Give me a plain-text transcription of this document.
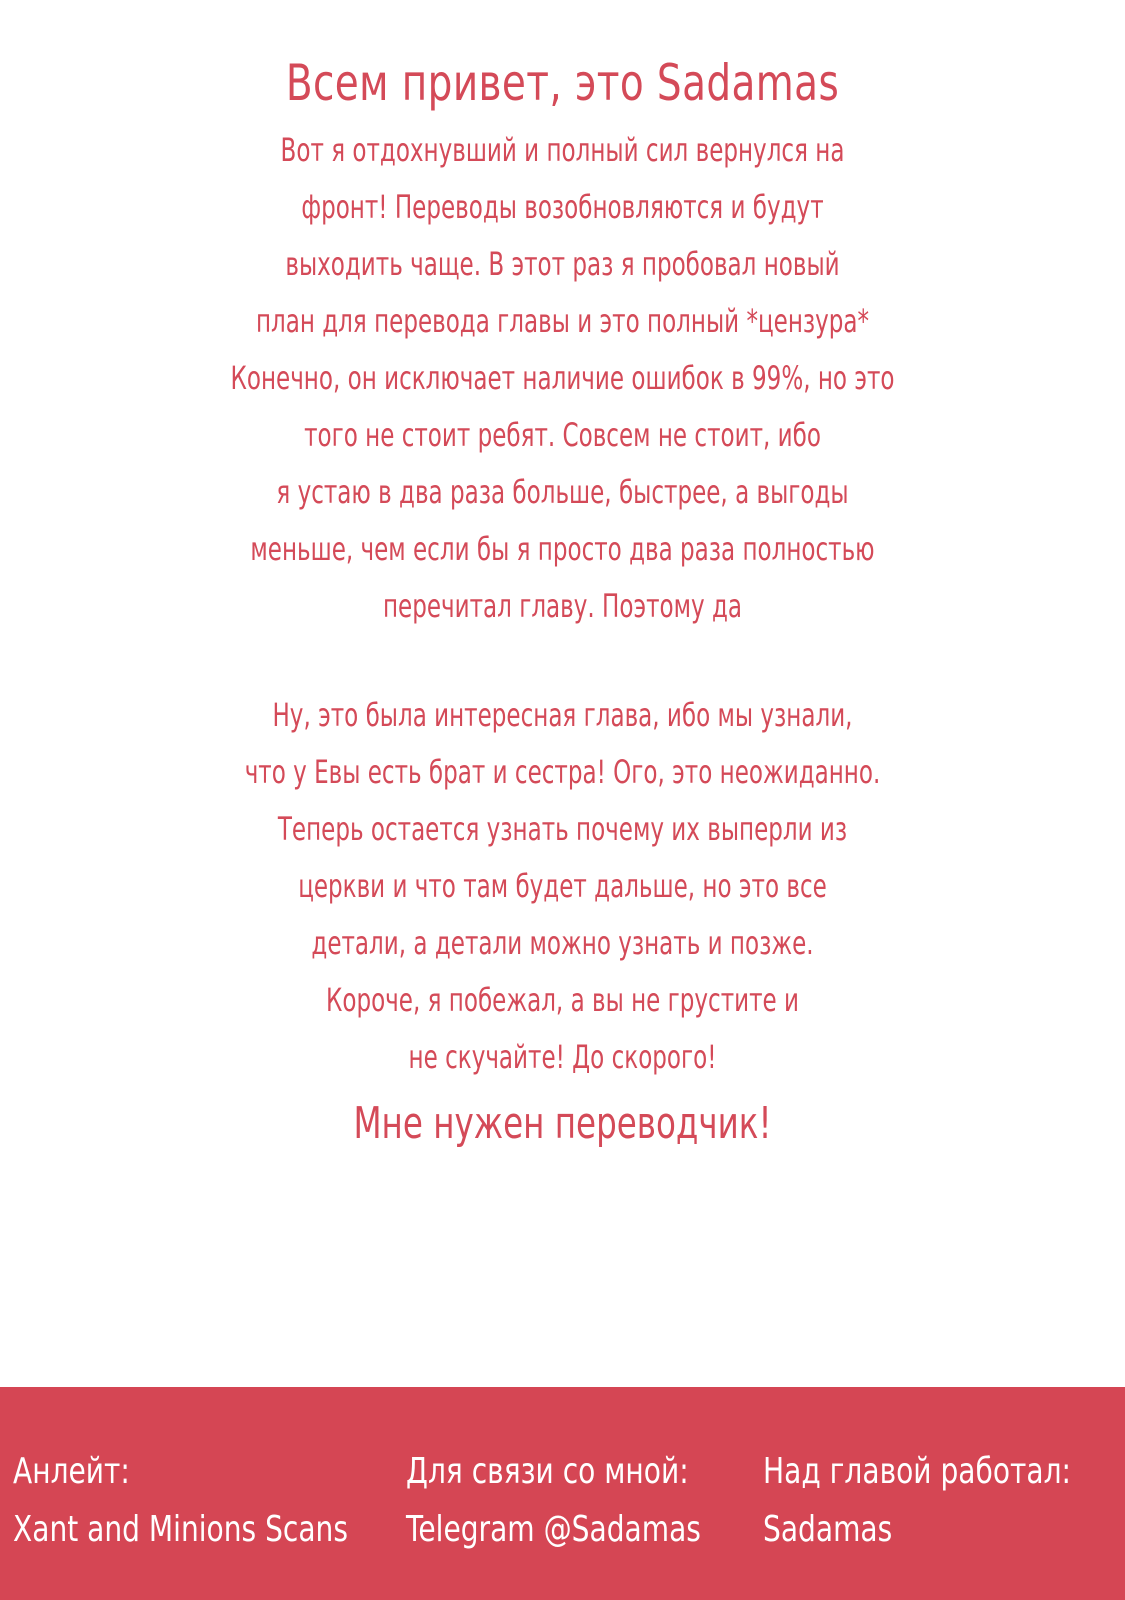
Всем привет, это Sadamas
Вот я отдохнувший и полный сил вернулся на
фронт! Переводы возобновляются и будут
выходить чаще. В этот раз я пробовал новый
план для перевода главы и это полный *цензура*
Конечно, он исключает наличие ошибок в 99%, но это
того не стоит ребят. Совсем не стоит, ибо
я устаю в два раза больше, быстрее, а выгоды
меньше, чем если бы я просто два раза полностью
перечитал главу. Поэтому да
Ну, это была интересная глава, ибо мы узнали,
что у Евы есть брат и сестра! Ого, это неожиданно.
Теперь остается узнать почему их выперли из
церкви и что там будет дальше, но это все
детали, а детали можно узнать и позже.
Короче, я побежал, а вы не грустите и
не скучайте! До скорого!
Мне нужен переводчик!
Анлейт:
Xant and Minions Scans
Для связи со мной:
Telegram @Sadamas
Над главой работал:
Sadamas
